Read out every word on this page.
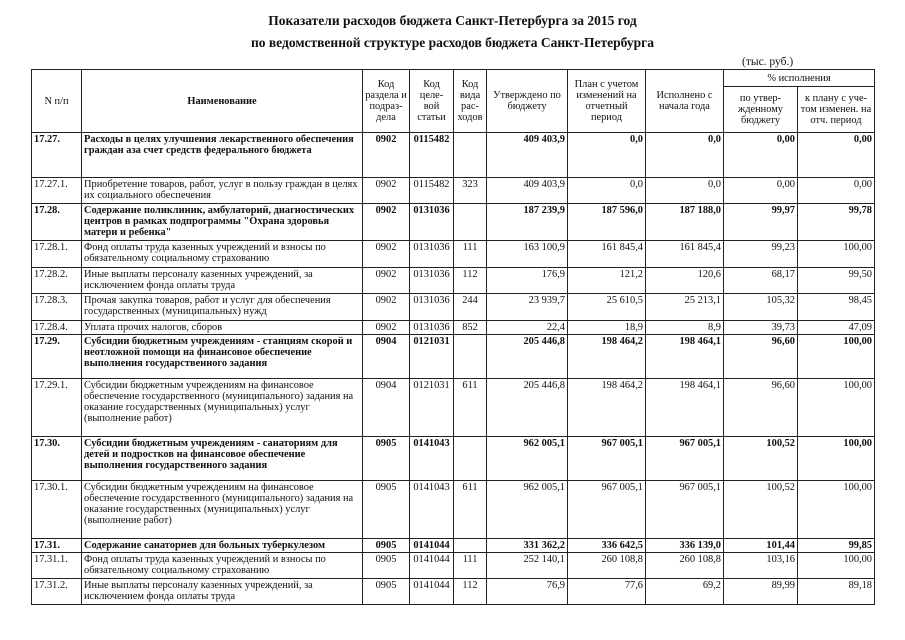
Показатели расходов бюджета Санкт-Петербурга за 2015 год
по ведомственной структуре расходов бюджета Санкт-Петербурга
(тыс. руб.)
N п/п	Наименование	Код раздела и подраз-дела	Код целе-вой статьи	Код вида рас-ходов	Утверждено по бюджету	План с учетом изменений на отчетный период	Исполнено с начала года	% исполнения	
								по утвер-жденному бюджету	к плану с уче-том изменен. на отч. период
17.27.	Расходы в целях улучшения лекарственного обеспечения граждан аза счет средств федерального бюджета	0902	0115482		409 403,9	0,0	0,0	0,00	0,00
17.27.1.	Приобретение товаров, работ, услуг в пользу граждан в целях их социального обеспечения	0902	0115482	323	409 403,9	0,0	0,0	0,00	0,00
17.28.	Содержание поликлиник, амбулаторий, диагностических центров в рамках подпрограммы "Охрана здоровья матери и ребенка"	0902	0131036		187 239,9	187 596,0	187 188,0	99,97	99,78
17.28.1.	Фонд оплаты труда казенных учреждений и взносы по обязательному социальному страхованию	0902	0131036	111	163 100,9	161 845,4	161 845,4	99,23	100,00
17.28.2.	Иные выплаты персоналу казенных учреждений, за исключением фонда оплаты труда	0902	0131036	112	176,9	121,2	120,6	68,17	99,50
17.28.3.	Прочая закупка товаров, работ и услуг для обеспечения государственных (муниципальных) нужд	0902	0131036	244	23 939,7	25 610,5	25 213,1	105,32	98,45
17.28.4.	Уплата прочих налогов, сборов	0902	0131036	852	22,4	18,9	8,9	39,73	47,09
17.29.	Субсидии бюджетным учреждениям - станциям скорой и неотложной помощи на финансовое обеспечение выполнения государственного задания	0904	0121031		205 446,8	198 464,2	198 464,1	96,60	100,00
17.29.1.	Субсидии бюджетным учреждениям на финансовое обеспечение государственного (муниципального) задания на оказание государственных (муниципальных) услуг (выполнение работ)	0904	0121031	611	205 446,8	198 464,2	198 464,1	96,60	100,00
17.30.	Субсидии бюджетным учреждениям - санаториям для детей и подростков на финансовое обеспечение выполнения государственного задания	0905	0141043		962 005,1	967 005,1	967 005,1	100,52	100,00
17.30.1.	Субсидии бюджетным учреждениям на финансовое обеспечение государственного (муниципального) задания на оказание государственных (муниципальных) услуг (выполнение работ)	0905	0141043	611	962 005,1	967 005,1	967 005,1	100,52	100,00
17.31.	Содержание санаториев для больных туберкулезом	0905	0141044		331 362,2	336 642,5	336 139,0	101,44	99,85
17.31.1.	Фонд оплаты труда казенных учреждений и взносы по обязательному социальному страхованию	0905	0141044	111	252 140,1	260 108,8	260 108,8	103,16	100,00
17.31.2.	Иные выплаты персоналу казенных учреждений, за исключением фонда оплаты труда	0905	0141044	112	76,9	77,6	69,2	89,99	89,18
